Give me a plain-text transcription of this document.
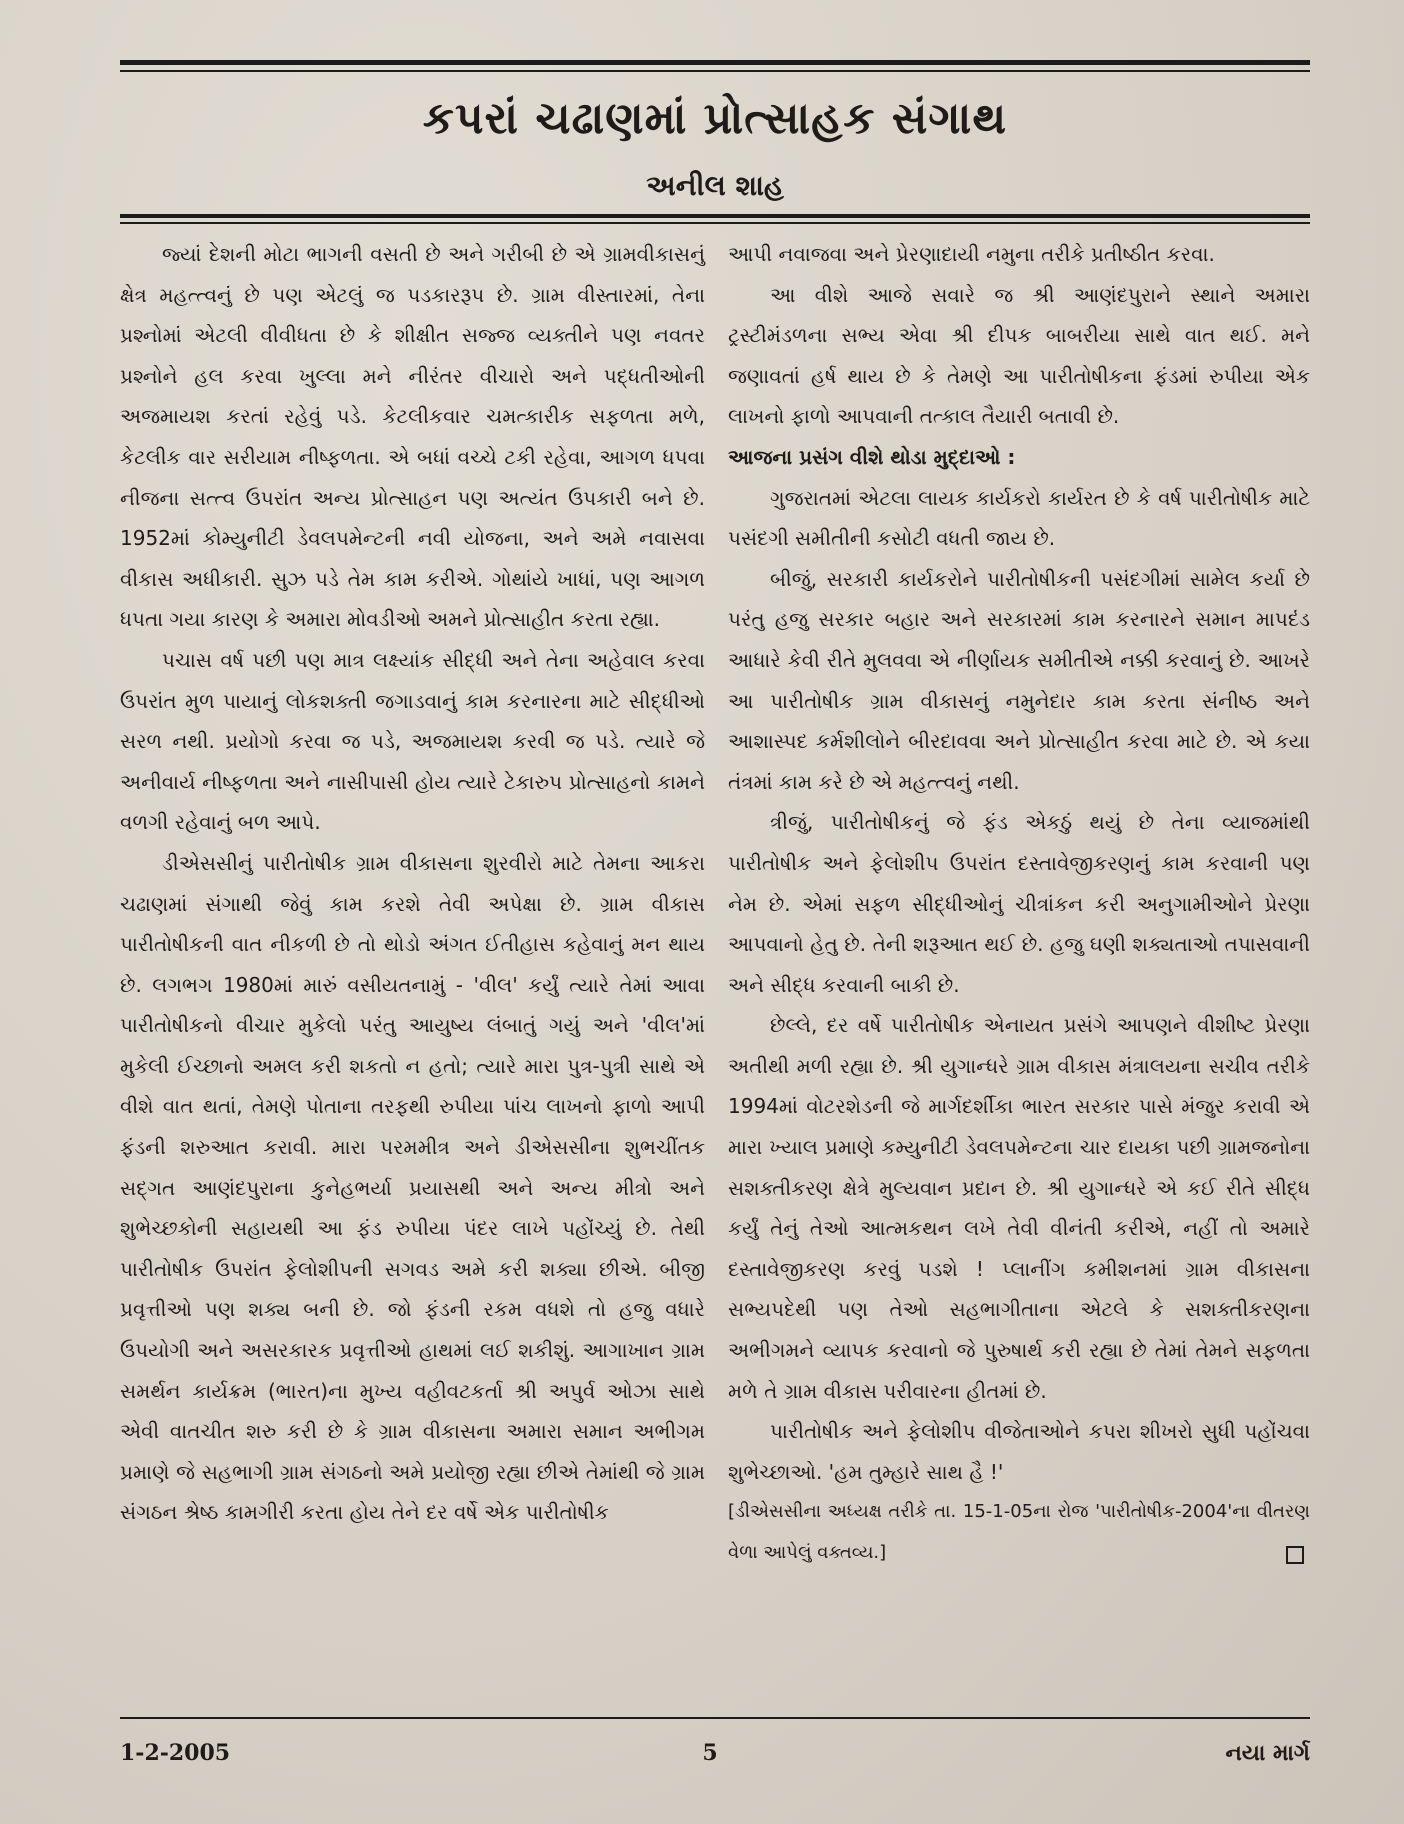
કપરાં ચઢાણમાં પ્રોત્સાહક સંગાથ
અનીલ શાહ

જ્યાં દેશની મોટા ભાગની વસતી છે અને ગરીબી છે એ ગ્રામવીકાસનું ક્ષેત્ર મહત્ત્વનું છે પણ એટલું જ પડકારરૂપ છે. ગ્રામ વીસ્તારમાં, તેના પ્રશ્નોમાં એટલી વીવીધતા છે કે શીક્ષીત સજ્જ વ્યક્તીને પણ નવતર પ્રશ્નોને હલ કરવા ખુલ્લા મને નીરંતર વીચારો અને પદ્ધતીઓની અજમાયશ કરતાં રહેવું પડે. કેટલીકવાર ચમત્કારીક સફળતા મળે, કેટલીક વાર સરીયામ નીષ્ફળતા. એ બધાં વચ્ચે ટકી રહેવા, આગળ ધપવા નીજના સત્ત્વ ઉપરાંત અન્ય પ્રોત્સાહન પણ અત્યંત ઉપકારી બને છે. 1952માં કોમ્યુનીટી ડેવલપમેન્ટની નવી યોજના, અને અમે નવાસવા વીકાસ અધીકારી. સુઝ પડે તેમ કામ કરીએ. ગોથાંયે ખાધાં, પણ આગળ ધપતા ગયા કારણ કે અમારા મોવડીઓ અમને પ્રોત્સાહીત કરતા રહ્યા.

પચાસ વર્ષ પછી પણ માત્ર લક્ષ્યાંક સીદ્ધી અને તેના અહેવાલ કરવા ઉપરાંત મુળ પાયાનું લોકશક્તી જગાડવાનું કામ કરનારના માટે સીદ્ધીઓ સરળ નથી. પ્રયોગો કરવા જ પડે, અજમાયશ કરવી જ પડે. ત્યારે જે અનીવાર્ય નીષ્ફળતા અને નાસીપાસી હોય ત્યારે ટેકારુપ પ્રોત્સાહનો કામને વળગી રહેવાનું બળ આપે.

ડીએસસીનું પારીતોષીક ગ્રામ વીકાસના શુરવીરો માટે તેમના આકરા ચઢાણમાં સંગાથી જેવું કામ કરશે તેવી અપેક્ષા છે. ગ્રામ વીકાસ પારીતોષીકની વાત નીકળી છે તો થોડો અંગત ઈતીહાસ કહેવાનું મન થાય છે. લગભગ 1980માં મારું વસીયતનામું - 'વીલ' કર્યું ત્યારે તેમાં આવા પારીતોષીકનો વીચાર મુકેલો પરંતુ આયુષ્ય લંબાતું ગયું અને 'વીલ'માં મુકેલી ઈચ્છાનો અમલ કરી શકતો ન હતો; ત્યારે મારા પુત્ર-પુત્રી સાથે એ વીશે વાત થતાં, તેમણે પોતાના તરફથી રુપીયા પાંચ લાખનો ફાળો આપી ફંડની શરુઆત કરાવી. મારા પરમમીત્ર અને ડીએસસીના શુભચીંતક સદ્ગત આણંદપુરાના કુનેહભર્યા પ્રયાસથી અને અન્ય મીત્રો અને શુભેચ્છકોની સહાયથી આ ફંડ રુપીયા પંદર લાખે પહોંચ્યું છે. તેથી પારીતોષીક ઉપરાંત ફેલોશીપની સગવડ અમે કરી શક્યા છીએ. બીજી પ્રવૃત્તીઓ પણ શક્ય બની છે. જો ફંડની રકમ વધશે તો હજુ વધારે ઉપયોગી અને અસરકારક પ્રવૃત્તીઓ હાથમાં લઈ શકીશું. આગાખાન ગ્રામ સમર્થન કાર્યક્રમ (ભારત)ના મુખ્ય વહીવટકર્તા શ્રી અપુર્વ ઓઝા સાથે એવી વાતચીત શરુ કરી છે કે ગ્રામ વીકાસના અમારા સમાન અભીગમ પ્રમાણે જે સહભાગી ગ્રામ સંગઠનો અમે પ્રયોજી રહ્યા છીએ તેમાંથી જે ગ્રામ સંગઠન શ્રેષ્ઠ કામગીરી કરતા હોય તેને દર વર્ષે એક પારીતોષીક

આપી નવાજવા અને પ્રેરણાદાયી નમુના તરીકે પ્રતીષ્ઠીત કરવા.

આ વીશે આજે સવારે જ શ્રી આણંદપુરાને સ્થાને અમારા ટ્રસ્ટીમંડળના સભ્ય એવા શ્રી દીપક બાબરીયા સાથે વાત થઈ. મને જણાવતાં હર્ષ થાય છે કે તેમણે આ પારીતોષીકના ફંડમાં રુપીયા એક લાખનો ફાળો આપવાની તત્કાલ તૈયારી બતાવી છે.

આજના પ્રસંગ વીશે થોડા મુદ્દાઓ :

ગુજરાતમાં એટલા લાયક કાર્યકરો કાર્યરત છે કે વર્ષ પારીતોષીક માટે પસંદગી સમીતીની કસોટી વધતી જાય છે.

બીજું, સરકારી કાર્યકરોને પારીતોષીકની પસંદગીમાં સામેલ કર્યા છે પરંતુ હજુ સરકાર બહાર અને સરકારમાં કામ કરનારને સમાન માપદંડ આધારે કેવી રીતે મુલવવા એ નીર્ણાયક સમીતીએ નક્કી કરવાનું છે. આખરે આ પારીતોષીક ગ્રામ વીકાસનું નમુનેદાર કામ કરતા સંનીષ્ઠ અને આશાસ્પદ કર્મશીલોને બીરદાવવા અને પ્રોત્સાહીત કરવા માટે છે. એ કયા તંત્રમાં કામ કરે છે એ મહત્ત્વનું નથી.

ત્રીજું, પારીતોષીકનું જે ફંડ એકઠું થયું છે તેના વ્યાજમાંથી પારીતોષીક અને ફેલોશીપ ઉપરાંત દસ્તાવેજીકરણનું કામ કરવાની પણ નેમ છે. એમાં સફળ સીદ્ધીઓનું ચીત્રાંકન કરી અનુગામીઓને પ્રેરણા આપવાનો હેતુ છે. તેની શરૂઆત થઈ છે. હજુ ઘણી શક્યતાઓ તપાસવાની અને સીદ્ધ કરવાની બાકી છે.

છેલ્લે, દર વર્ષે પારીતોષીક એનાયત પ્રસંગે આપણને વીશીષ્ટ પ્રેરણા અતીથી મળી રહ્યા છે. શ્રી યુગાન્ધરે ગ્રામ વીકાસ મંત્રાલયના સચીવ તરીકે 1994માં વોટરશેડની જે માર્ગદર્શીકા ભારત સરકાર પાસે મંજુર કરાવી એ મારા ખ્યાલ પ્રમાણે કમ્યુનીટી ડેવલપમેન્ટના ચાર દાયકા પછી ગ્રામજનોના સશક્તીકરણ ક્ષેત્રે મુલ્યવાન પ્રદાન છે. શ્રી યુગાન્ધરે એ કઈ રીતે સીદ્ધ કર્યું તેનું તેઓ આત્મકથન લખે તેવી વીનંતી કરીએ, નહીં તો અમારે દસ્તાવેજીકરણ કરવું પડશે ! પ્લાનીંગ કમીશનમાં ગ્રામ વીકાસના સભ્યપદેથી પણ તેઓ સહભાગીતાના એટલે કે સશક્તીકરણના અભીગમને વ્યાપક કરવાનો જે પુરુષાર્થ કરી રહ્યા છે તેમાં તેમને સફળતા મળે તે ગ્રામ વીકાસ પરીવારના હીતમાં છે.

પારીતોષીક અને ફેલોશીપ વીજેતાઓને કપરા શીખરો સુધી પહોંચવા શુભેચ્છાઓ. 'હમ તુમ્હારે સાથ હૈ !'

[ડીએસસીના અધ્યક્ષ તરીકે તા. 15-1-05ના રોજ 'પારીતોષીક-2004'ના વીતરણ વેળા આપેલું વક્તવ્ય.]

1-2-2005	5	નયા માર્ગ
